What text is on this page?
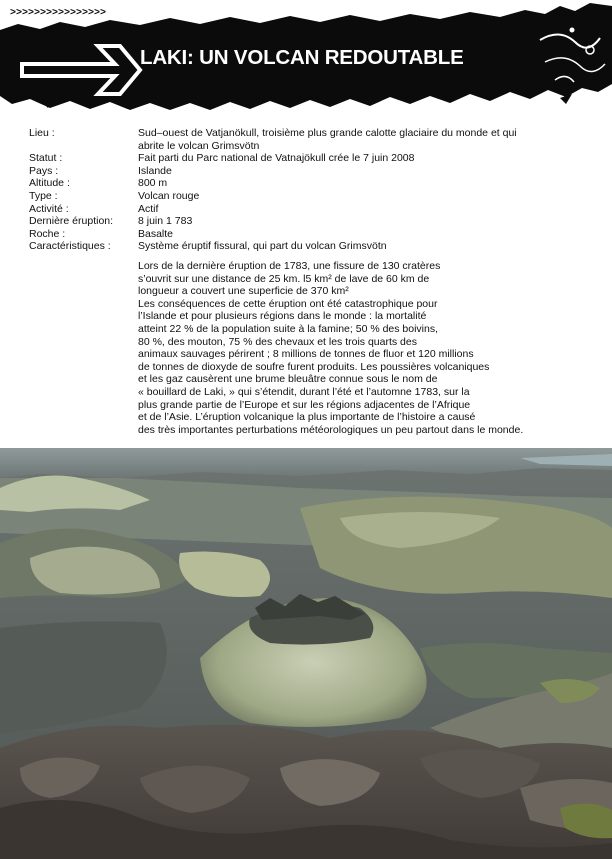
>>>>>>>>>>>>>>>>
LAKI: UN VOLCAN REDOUTABLE
Lieu :	Sud–ouest de Vatjanökull, troisième plus grande calotte glaciaire du monde et qui
abrite le volcan Grimsvötn
Statut :	Fait parti du Parc national de Vatnajökull crée le 7 juin 2008
Pays :	Islande
Altitude :	800 m
Type :	Volcan rouge
Activité :	Actif
Dernière éruption:	8 juin 1 783
Roche :	Basalte
Caractéristiques :	Système éruptif fissural, qui part du volcan Grimsvötn
Lors de la dernière éruption de 1783, une fissure de 130 cratères
s’ouvrit sur une distance de 25 km. l5 km² de lave de 60 km de
longueur a couvert une superficie de 370 km²
Les conséquences de cette éruption ont été catastrophique pour
l’Islande et pour plusieurs régions dans le monde : la mortalité
atteint 22 % de la population suite à la famine; 50 % des boivins,
80 %, des mouton, 75 % des chevaux et les trois quarts des
animaux sauvages périrent ; 8 millions de tonnes de fluor et 120 millions
de tonnes de dioxyde de soufre furent produits. Les poussières volcaniques
et les gaz causèrent une brume bleuâtre connue sous le nom de
« bouillard de Laki, » qui s’étendit, durant l’été et l’automne 1783, sur la
plus grande partie de l’Europe et sur les régions adjacentes de l’Afrique
et de l’Asie. L’éruption volcanique la plus importante de l’histoire a causé
des très importantes perturbations météorologiques un peu partout dans le monde.
